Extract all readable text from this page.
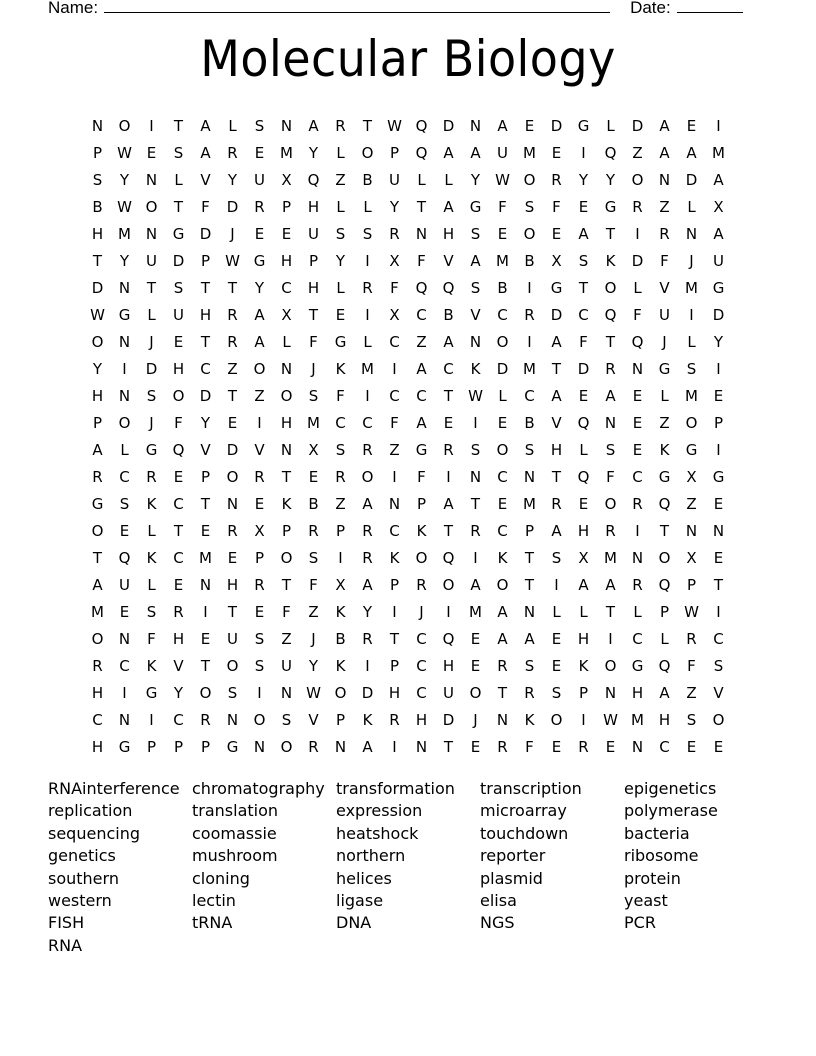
Name:	Date:
Molecular Biology
N	O	I	T	A	L	S	N	A	R	T	W Q	D	N	A	E	D	G	L	D	A	E	I
P	W E	S	A	R	E	M	Y	L	O	P	Q	A	A	U	M	E	I	Q	Z	A	A	M
S	Y	N	L	V	Y	U	X	Q	Z	B	U	L	L	Y	W O	R	Y	Y	O	N	D	A
B W O	T	F	D	R	P	H	L	L	Y	T	A	G	F	S	F	E	G	R	Z	L	X
H M N	G	D	J	E	E	U	S	S	R	N	H	S	E	O	E	A	T	I	R	N	A
T	Y	U	D	P	W G	H	P	Y	I	X	F	V	A	M	B	X	S	K	D	F	J	U
D	N	T	S	T	T	Y	C	H	L	R	F	Q	Q	S	B	I	G	T	O	L	V	M G
W G	L	U	H	R	A	X	T	E	I	X	C	B	V	C	R	D	C	Q	F	U	I	D
O	N	J	E	T	R	A	L	F	G	L	C	Z	A	N	O	I	A	F	T	Q	J	L	Y
Y	I	D	H	C	Z	O	N	J	K	M	I	A	C	K	D M	T	D	R	N	G	S	I
H	N	S	O	D	T	Z	O	S	F	I	C	C	T	W	L	C	A	E	A	E	L	M	E
P	O	J	F	Y	E	I	H M	C	C	F	A	E	I	E	B	V	Q	N	E	Z	O	P
A	L	G	Q	V	D	V	N	X	S	R	Z	G	R	S	O	S	H	L	S	E	K	G	I
R	C	R	E	P	O	R	T	E	R	O	I	F	I	N	C	N	T	Q	F	C	G	X	G
G	S	K	C	T	N	E	K	B	Z	A	N	P	A	T	E	M	R	E	O	R	Q	Z	E
O	E	L	T	E	R	X	P	R	P	R	C	K	T	R	C	P	A	H	R	I	T	N	N
T	Q	K	C	M	E	P	O	S	I	R	K	O	Q	I	K	T	S	X	M N	O	X	E
A	U	L	E	N	H	R	T	F	X	A	P	R	O	A	O	T	I	A	A	R	Q	P	T
M	E	S	R	I	T	E	F	Z	K	Y	I	J	I	M	A	N	L	L	T	L	P	W	I
O	N	F	H	E	U	S	Z	J	B	R	T	C	Q	E	A	A	E	H	I	C	L	R	C
R	C	K	V	T	O	S	U	Y	K	I	P	C	H	E	R	S	E	K	O	G	Q	F	S
H	I	G	Y	O	S	I	N W O	D	H	C	U	O	T	R	S	P	N	H	A	Z	V
C	N	I	C	R	N	O	S	V	P	K	R	H	D	J	N	K	O	I	W M H	S	O
H	G	P	P	P	G	N	O	R	N	A	I	N	T	E	R	F	E	R	E	N	C	E	E
RNAinterference
replication
sequencing
genetics
southern
western
FISH
RNA
chromatography
translation
coomassie
mushroom
cloning
lectin
tRNA
transformation
expression
heatshock
northern
helices
ligase
DNA
transcription
microarray
touchdown
reporter
plasmid
elisa
NGS
epigenetics
polymerase
bacteria
ribosome
protein
yeast
PCR
